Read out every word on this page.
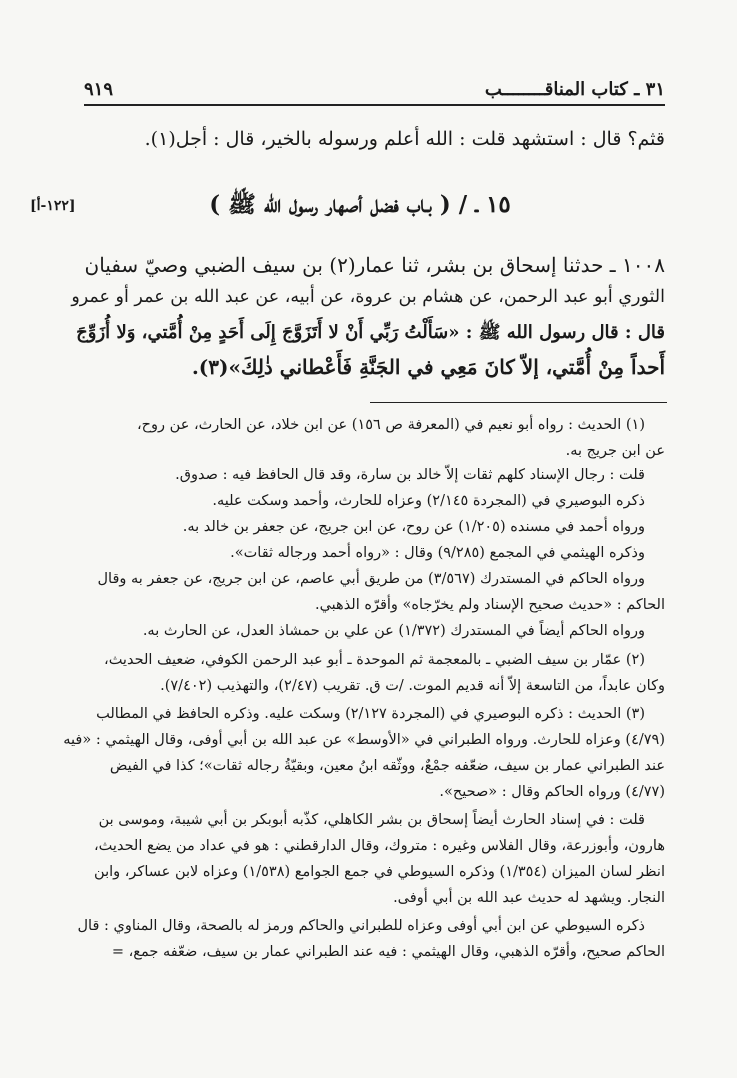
٩١٩	٣١ ـ كتاب المناقــــــــب
قثم؟ قال : استشهد قلت : الله أعلم ورسوله بالخير، قال : أجل(١).
١٥ ـ / ( بـاب فضل أصهار رسول الله ﷺ )
[١٢٢-أ]
١٠٠٨ ـ حدثنا إسحاق بن بشر، ثنا عمار(٢) بن سيف الضبي وصيّ سفيان
الثوري أبو عبد الرحمن، عن هشام بن عروة، عن أبيه، عن عبد الله بن عمر أو عمرو
قال : قال رسول الله ﷺ : «سَأَلْتُ رَبِّي أَنْ لا أَتَزَوَّجَ إِلَى أَحَدٍ مِنْ أُمَّتي، وَلا أُزَوِّجَ
أَحداً مِنْ أُمَّتي، إلاّ كانَ مَعِي في الجَنَّةِ فَأَعْطاني ذٰلِكَ»(٣).
(١) الحديث : رواه أبو نعيم في (المعرفة ص ١٥٦) عن ابن خلاد، عن الحارث، عن روح،
عن ابن جريج به.
قلت : رجال الإسناد كلهم ثقات إلاّ خالد بن سارة، وقد قال الحافظ فيه : صدوق.
ذكره البوصيري في (المجردة ٢/١٤٥) وعزاه للحارث، وأحمد وسكت عليه.
ورواه أحمد في مسنده (١/٢٠٥) عن روح، عن ابن جريج، عن جعفر بن خالد به.
وذكره الهيثمي في المجمع (٩/٢٨٥) وقال : «رواه أحمد ورجاله ثقات».
ورواه الحاكم في المستدرك (٣/٥٦٧) من طريق أبي عاصم، عن ابن جريج، عن جعفر به وقال
الحاكم : «حديث صحيح الإسناد ولم يخرّجاه» وأقرّه الذهبي.
ورواه الحاكم أيضاً في المستدرك (١/٣٧٢) عن علي بن حمشاذ العدل، عن الحارث به.
(٢) عمّار بن سيف الضبي ـ بالمعجمة ثم الموحدة ـ أبو عبد الرحمن الكوفي، ضعيف الحديث،
وكان عابداً، من التاسعة إلاّ أنه قديم الموت. /ت ق. تقريب (٢/٤٧)، والتهذيب (٧/٤٠٢).
(٣) الحديث : ذكره البوصيري في (المجردة ٢/١٢٧) وسكت عليه. وذكره الحافظ في المطالب
(٤/٧٩) وعزاه للحارث. ورواه الطبراني في «الأوسط» عن عبد الله بن أبي أوفى، وقال الهيثمي : «فيه
عند الطبراني عمار بن سيف، ضعّفه جمْعٌ، ووثّقه ابنُ معين، وبقيّةُ رجاله ثقات»؛ كذا في الفيض
(٤/٧٧) ورواه الحاكم وقال : «صحيح».
قلت : في إسناد الحارث أيضاً إسحاق بن بشر الكاهلي، كذّبه أبوبكر بن أبي شيبة، وموسى بن
هارون، وأبوزرعة، وقال الفلاس وغيره : متروك، وقال الدارقطني : هو في عداد من يضع الحديث،
انظر لسان الميزان (١/٣٥٤) وذكره السيوطي في جمع الجوامع (١/٥٣٨) وعزاه لابن عساكر، وابن
النجار. ويشهد له حديث عبد الله بن أبي أوفى.
ذكره السيوطي عن ابن أبي أوفى وعزاه للطبراني والحاكم ورمز له بالصحة، وقال المناوي : قال
الحاكم صحيح، وأقرّه الذهبي، وقال الهيثمي : فيه عند الطبراني عمار بن سيف، ضعّفه جمع، =
